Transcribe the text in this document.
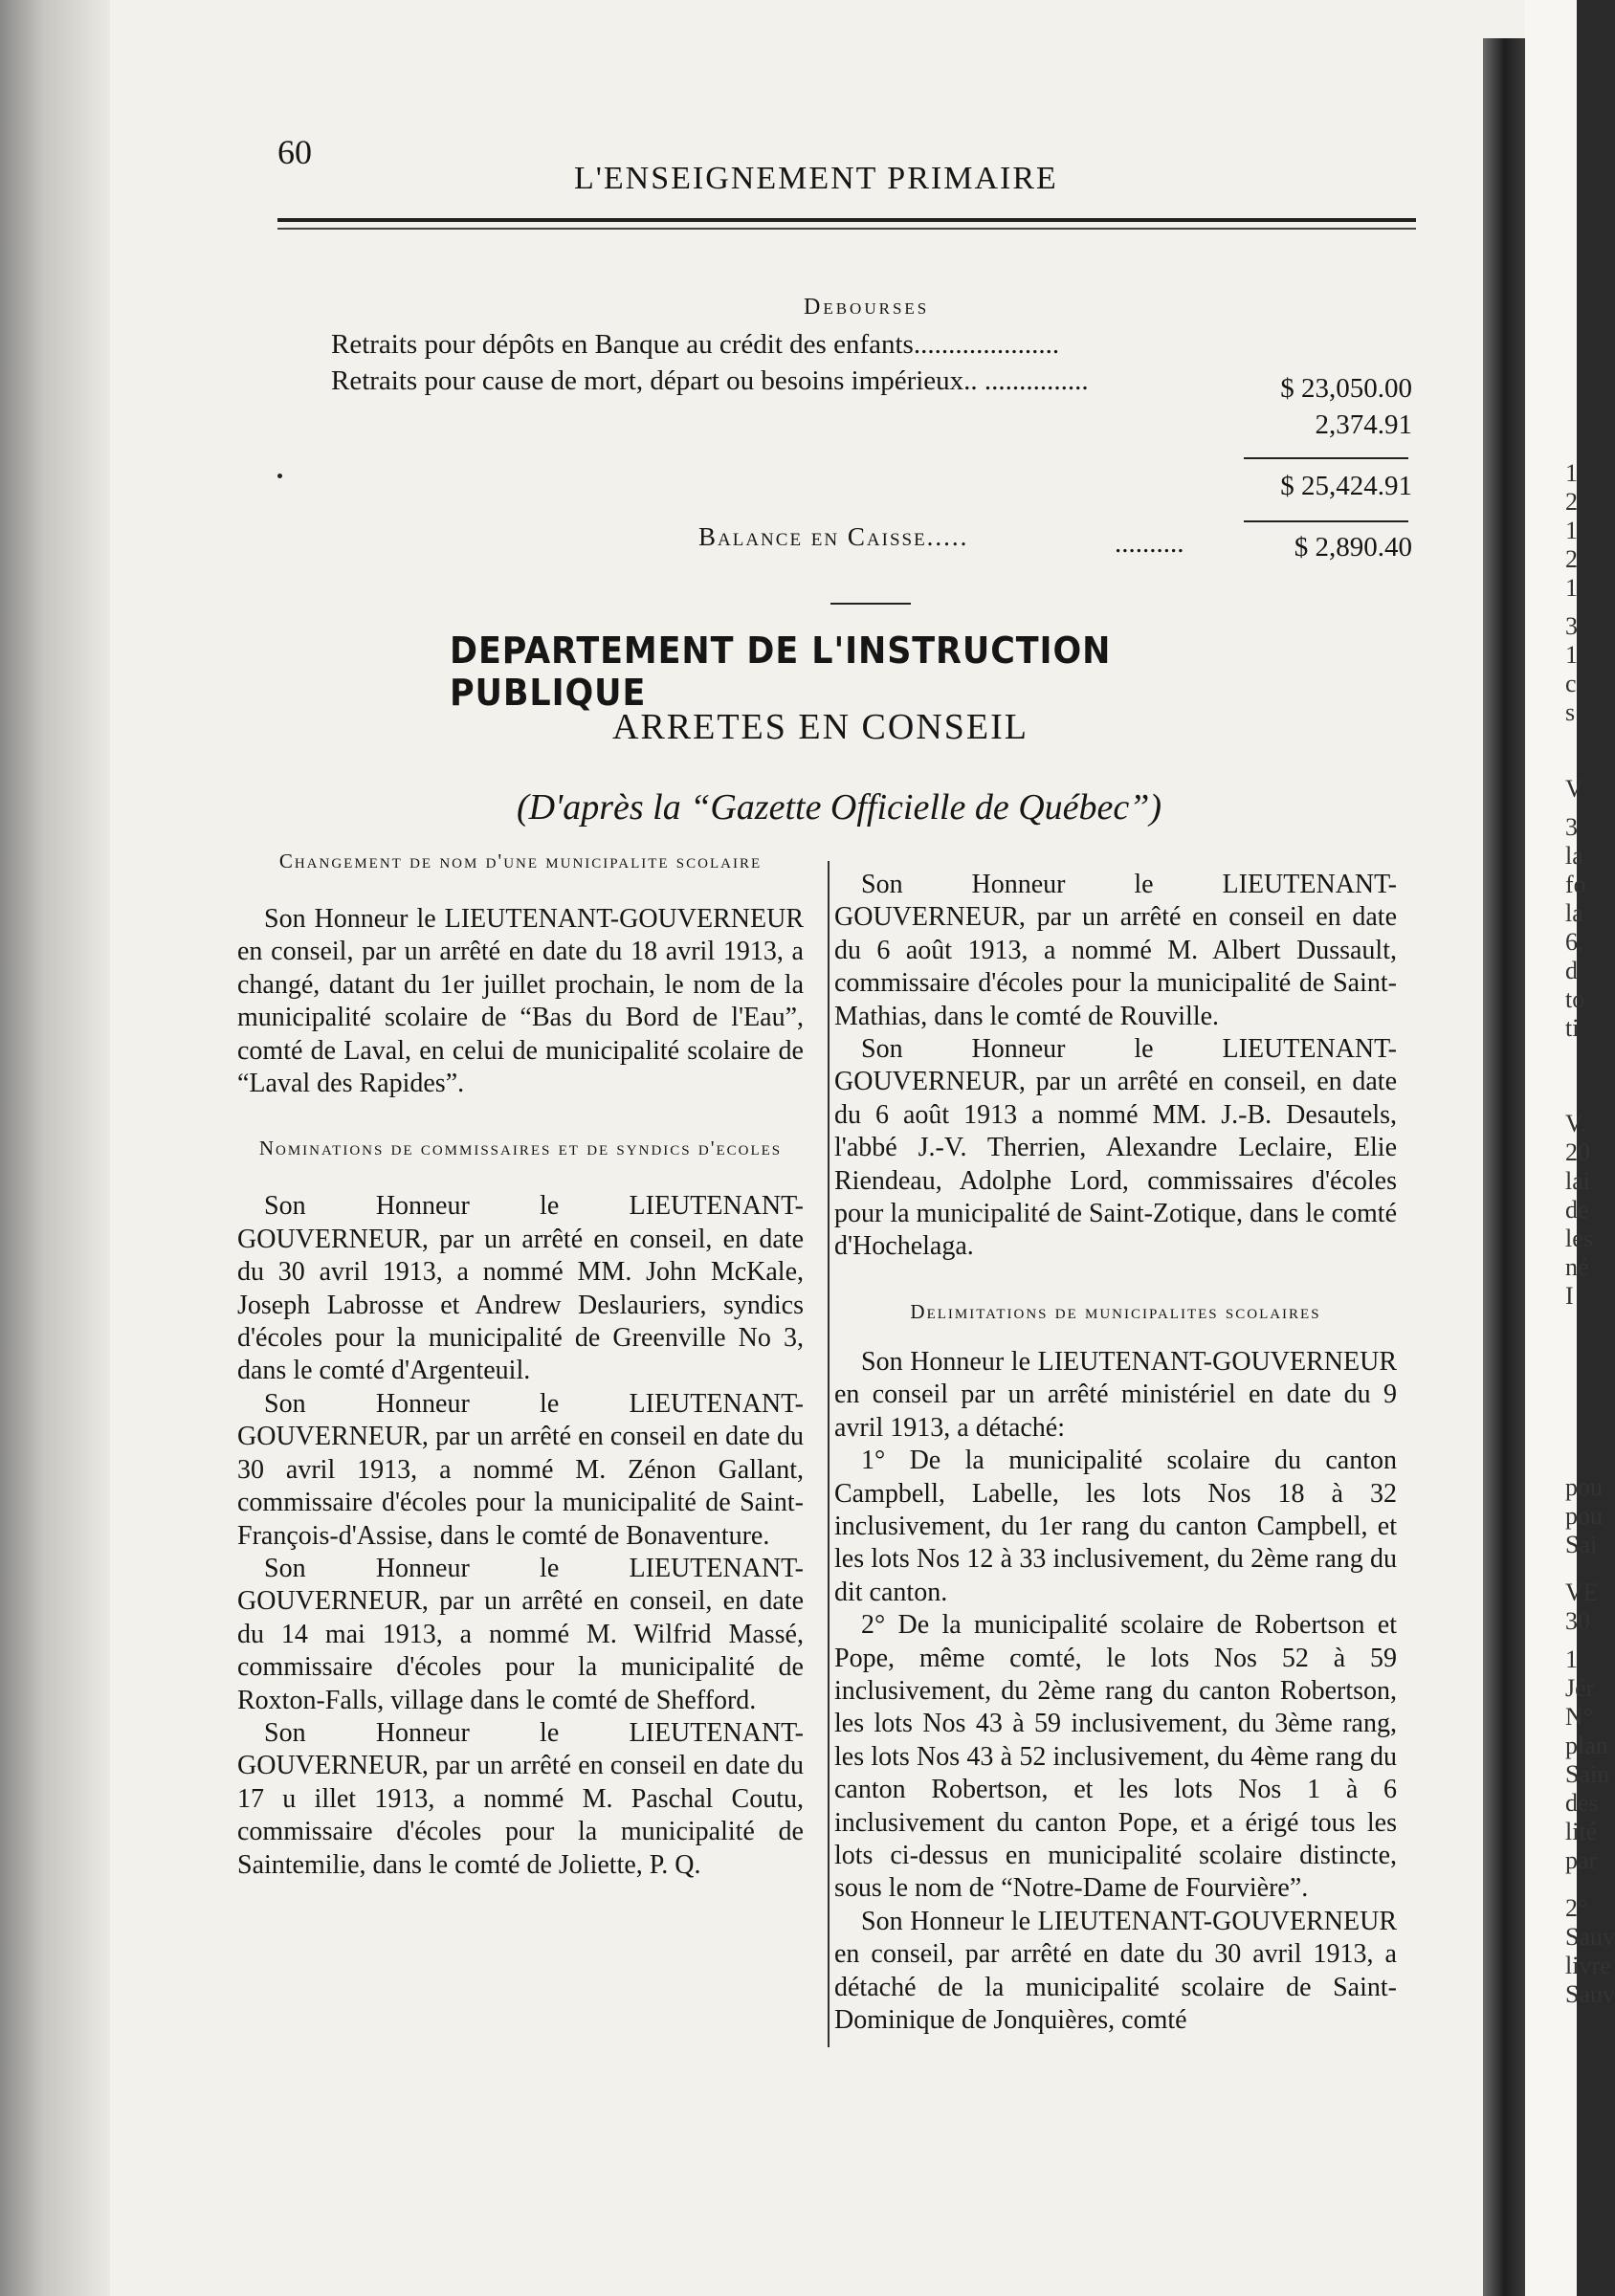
60
L'ENSEIGNEMENT PRIMAIRE
Debourses
Retraits pour dépôts en Banque au crédit des enfants.....................
$ 23,050.00
Retraits pour cause de mort, départ ou besoins impérieux.. ...............
2,374.91
$ 25,424.91
Balance en Caisse.....	..........	$ 2,890.40
DEPARTEMENT DE L'INSTRUCTION PUBLIQUE
ARRETES EN CONSEIL
(D'après la “Gazette Officielle de Québec”)
Changement de nom d'une municipalite scolaire

Son Honneur le LIEUTENANT-GOUVERNEUR en conseil, par un arrêté en date du 18 avril 1913, a changé, datant du 1er juillet prochain, le nom de la municipalité scolaire de “Bas du Bord de l'Eau”, comté de Laval, en celui de municipalité scolaire de “Laval des Rapides”.

Nominations de commissaires et de syndics d'ecoles

Son Honneur le LIEUTENANT-GOUVERNEUR, par un arrêté en conseil, en date du 30 avril 1913, a nommé MM. John McKale, Joseph Labrosse et Andrew Deslauriers, syndics d'écoles pour la municipalité de Greenville No 3, dans le comté d'Argenteuil.

Son Honneur le LIEUTENANT-GOUVERNEUR, par un arrêté en conseil en date du 30 avril 1913, a nommé M. Zénon Gallant, commissaire d'écoles pour la municipalité de Saint-François-d'Assise, dans le comté de Bonaventure.

Son Honneur le LIEUTENANT-GOUVERNEUR, par un arrêté en conseil, en date du 14 mai 1913, a nommé M. Wilfrid Massé, commissaire d'écoles pour la municipalité de Roxton-Falls, village dans le comté de Shefford.

Son Honneur le LIEUTENANT-GOUVERNEUR, par un arrêté en conseil en date du 17 u illet 1913, a nommé M. Paschal Coutu, commissaire d'écoles pour la municipalité de Saintemilie, dans le comté de Joliette, P. Q.

Son Honneur le LIEUTENANT-GOUVERNEUR, par un arrêté en conseil en date du 6 août 1913, a nommé M. Albert Dussault, commissaire d'écoles pour la municipalité de Saint-Mathias, dans le comté de Rouville.

Son Honneur le LIEUTENANT-GOUVERNEUR, par un arrêté en conseil, en date du 6 août 1913 a nommé MM. J.-B. Desautels, l'abbé J.-V. Therrien, Alexandre Leclaire, Elie Riendeau, Adolphe Lord, commissaires d'écoles pour la municipalité de Saint-Zotique, dans le comté d'Hochelaga.

Delimitations de municipalites scolaires

Son Honneur le LIEUTENANT-GOUVERNEUR en conseil par un arrêté ministériel en date du 9 avril 1913, a détaché:

1° De la municipalité scolaire du canton Campbell, Labelle, les lots Nos 18 à 32 inclusivement, du 1er rang du canton Campbell, et les lots Nos 12 à 33 inclusivement, du 2ème rang du dit canton.

2° De la municipalité scolaire de Robertson et Pope, même comté, le lots Nos 52 à 59 inclusivement, du 2ème rang du canton Robertson, les lots Nos 43 à 59 inclusivement, du 3ème rang, les lots Nos 43 à 52 inclusivement, du 4ème rang du canton Robertson, et les lots Nos 1 à 6 inclusivement du canton Pope, et a érigé tous les lots ci-dessus en municipalité scolaire distincte, sous le nom de “Notre-Dame de Fourvière”.

Son Honneur le LIEUTENANT-GOUVERNEUR en conseil, par arrêté en date du 30 avril 1913, a détaché de la municipalité scolaire de Saint-Dominique de Jonquières, comté

1
2
1
2
1
3
1
c
s
V
3
la
fo
la
6.
d
to
ti
V.
20
lai
de
les
né
I
pou
pou
Sai
VE
30
1
Jér
N°
plan
Sain
des
lité
par
2°
Sauv
livre
Sauv
